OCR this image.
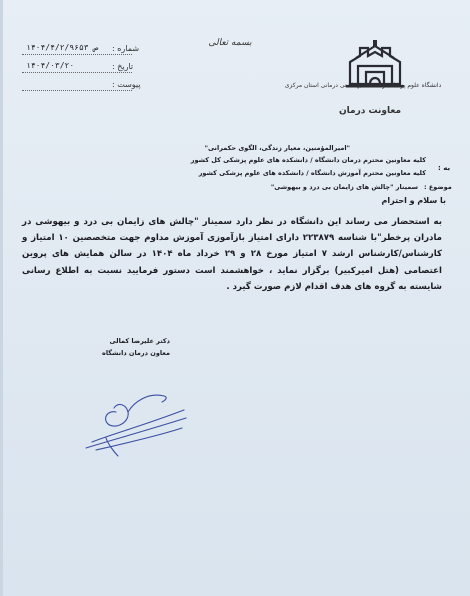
شماره :
۱۴۰۴/۴/۲/ص ۹۶۵۳
تاریخ :
۱۴۰۴/۰۳/۲۰
پیوست :
بسمه تعالی
دانشگاه علوم پزشکی و خدمات بهداشتی درمانی استان مرکزی
معاونت درمان
"امیرالمؤمنین، معیار زندگی، الگوی حکمرانی"
به :
کلیه معاونین محترم درمان دانشگاه / دانشکده های علوم پزشکی کل کشور
کلیه معاونین محترم آموزش دانشگاه / دانشکده های علوم پزشکی کشور
موضوع :
سمینار "چالش های زایمان بی درد و بیهوشی"
با سلام و احترام
به استحضار می رساند این دانشگاه در نظر دارد سمینار "چالش های زایمان بی درد و بیهوشی در مادران پرخطر"با شناسه ۲۲۳۸۷۹ دارای امتیاز بازآموزی آموزش مداوم جهت متخصصین ۱۰ امتیاز و کارشناس/کارشناس ارشد ۷ امتیاز مورخ ۲۸ و ۲۹ خرداد ماه ۱۴۰۴ در سالن همایش های پروین اعتصامی (هتل امیرکبیر) برگزار نماید ، خواهشمند است دستور فرمایید نسبت به اطلاع رسانی شایسته به گروه های هدف اقدام لازم صورت گیرد .
دکتر علیرضا کمالی
معاون درمان دانشگاه
